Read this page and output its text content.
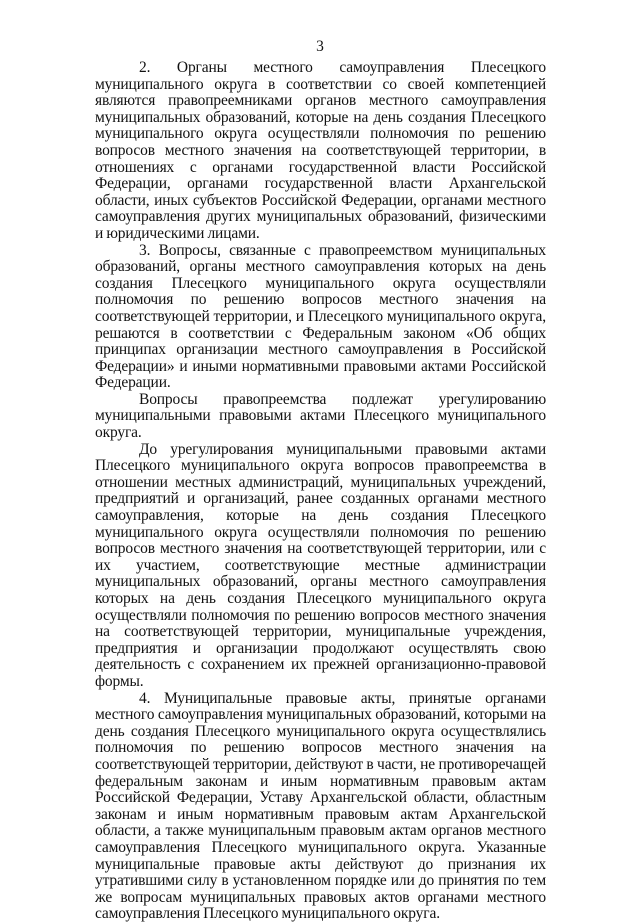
3

2. Органы местного самоуправления Плесецкого муниципального округа в соответствии со своей компетенцией являются правопреемниками органов местного самоуправления муниципальных образований, которые на день создания Плесецкого муниципального округа осуществляли полномочия по решению вопросов местного значения на соответствующей территории, в отношениях с органами государственной власти Российской Федерации, органами государственной власти Архангельской области, иных субъектов Российской Федерации, органами местного самоуправления других муниципальных образований, физическими и юридическими лицами.

3. Вопросы, связанные с правопреемством муниципальных образований, органы местного самоуправления которых на день создания Плесецкого муниципального округа осуществляли полномочия по решению вопросов местного значения на соответствующей территории, и Плесецкого муниципального округа, решаются в соответствии с Федеральным законом «Об общих принципах организации местного самоуправления в Российской Федерации» и иными нормативными правовыми актами Российской Федерации.

Вопросы правопреемства подлежат урегулированию муниципальными правовыми актами Плесецкого муниципального округа.

До урегулирования муниципальными правовыми актами Плесецкого муниципального округа вопросов правопреемства в отношении местных администраций, муниципальных учреждений, предприятий и организаций, ранее созданных органами местного самоуправления, которые на день создания Плесецкого муниципального округа осуществляли полномочия по решению вопросов местного значения на соответствующей территории, или с их участием, соответствующие местные администрации муниципальных образований, органы местного самоуправления которых на день создания Плесецкого муниципального округа осуществляли полномочия по решению вопросов местного значения на соответствующей территории, муниципальные учреждения, предприятия и организации продолжают осуществлять свою деятельность с сохранением их прежней организационно-правовой формы.

4. Муниципальные правовые акты, принятые органами местного самоуправления муниципальных образований, которыми на день создания Плесецкого муниципального округа осуществлялись полномочия по решению вопросов местного значения на соответствующей территории, действуют в части, не противоречащей федеральным законам и иным нормативным правовым актам Российской Федерации, Уставу Архангельской области, областным законам и иным нормативным правовым актам Архангельской области, а также муниципальным правовым актам органов местного самоуправления Плесецкого муниципального округа. Указанные муниципальные правовые акты действуют до признания их утратившими силу в установленном порядке или до принятия по тем же вопросам муниципальных правовых актов органами местного самоуправления Плесецкого муниципального округа.
